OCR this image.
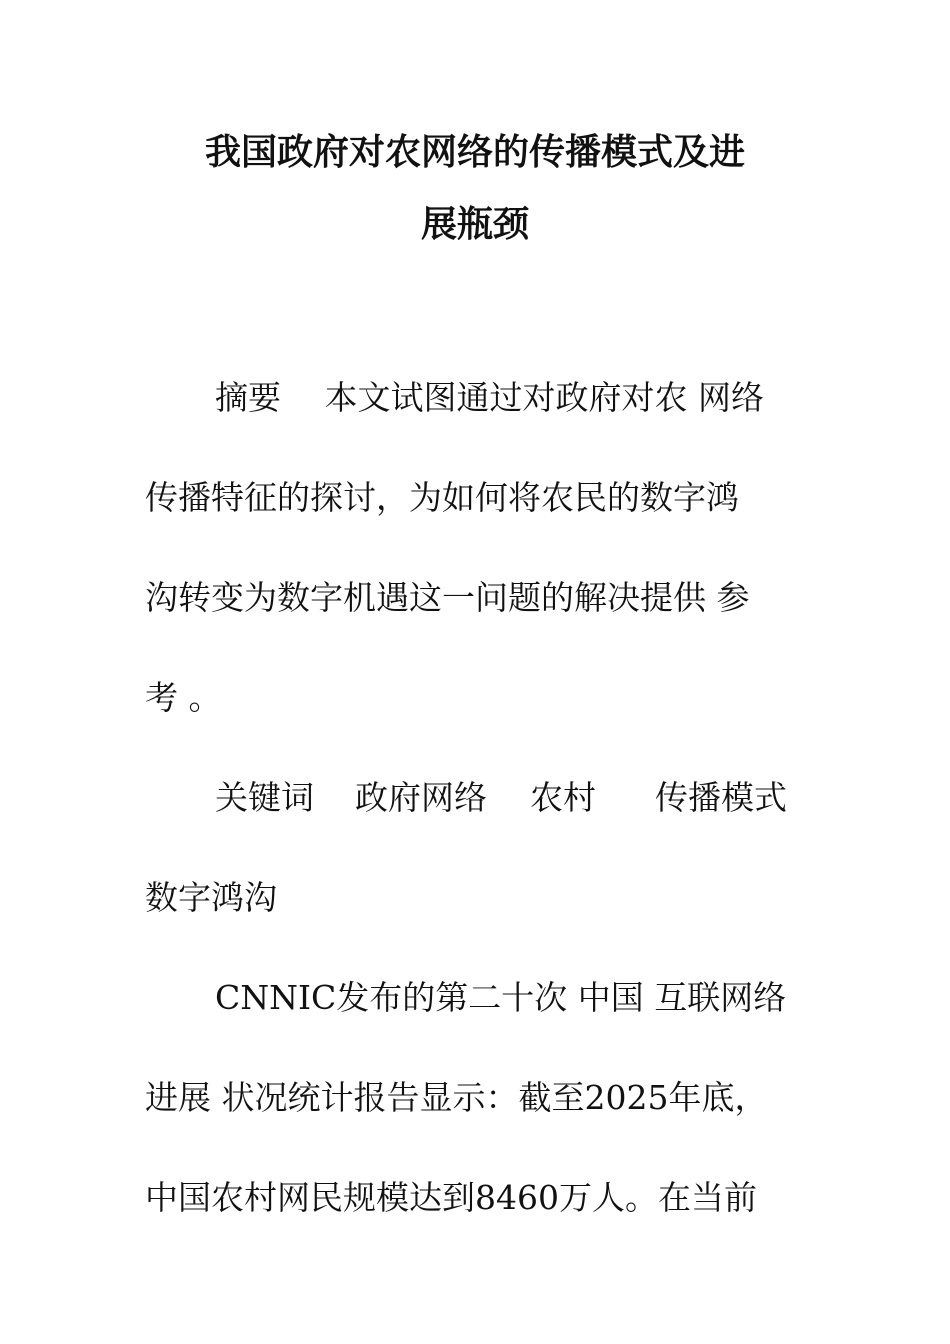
我国政府对农网络的传播模式及进
展瓶颈
摘要　 本文试图通过对政府对农 网络
传播特征的探讨，为如何将农民的数字鸿
沟转变为数字机遇这一问题的解决提供 参
考 。
关键词 政府网络 农村 传播模式
数字鸿沟
CNNIC发布的第二十次 中国 互联网络
进展 状况统计报告显示：截至2025年底，
中国农村网民规模达到8460万人。在当前
